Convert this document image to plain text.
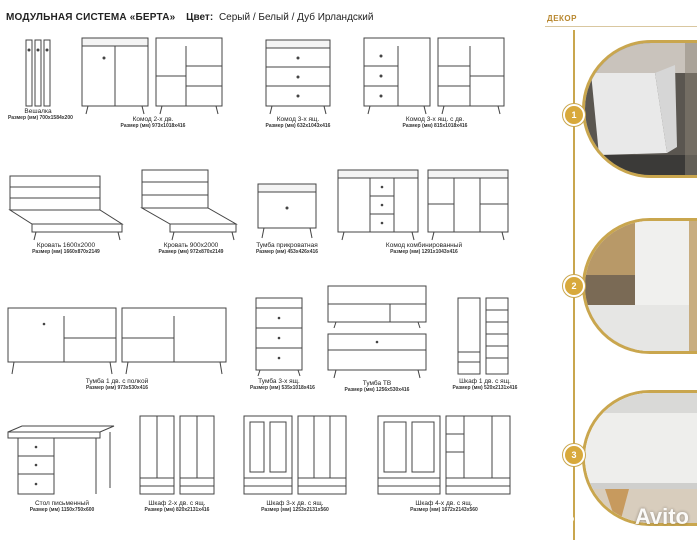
МОДУЛЬНАЯ СИСТЕМА «БЕРТА» Цвет: Серый / Белый / Дуб Ирландский
Вешалка
Размер (мм) 700х1584х200	Комод 2-х дв.
Размер (мм) 973х1018х416
Комод 3-х ящ.
Размер (мм) 632х1043х416
Комод 3-х ящ. с дв.
Размер (мм) 815х1018х416
Кровать 1600х2000
Размер (мм) 1660х870х2149
Кровать 900х2000
Размер (мм) 972х870х2149
Тумба прикроватная
Размер (мм) 453х426х416
Комод комбинированный
Размер (мм) 1291х1043х416
Тумба 1 дв. с полкой
Размер (мм) 973х530х416
Тумба 3-х ящ.
Размер (мм) 535х1018х416
Тумба ТВ
Размер (мм) 1256х530х416
Шкаф 1 дв. с ящ.
Размер (мм) 520х2131х416
Стол письменный
Размер (мм) 1150х750х600
Шкаф 2-х дв. с ящ.
Размер (мм) 820х2131х416
Шкаф 3-х дв. с ящ.
Размер (мм) 1253х2131х560
Шкаф 4-х дв. с ящ.
Размер (мм) 1672х2143х560
ДЕКОР
1
2
3
Avito
